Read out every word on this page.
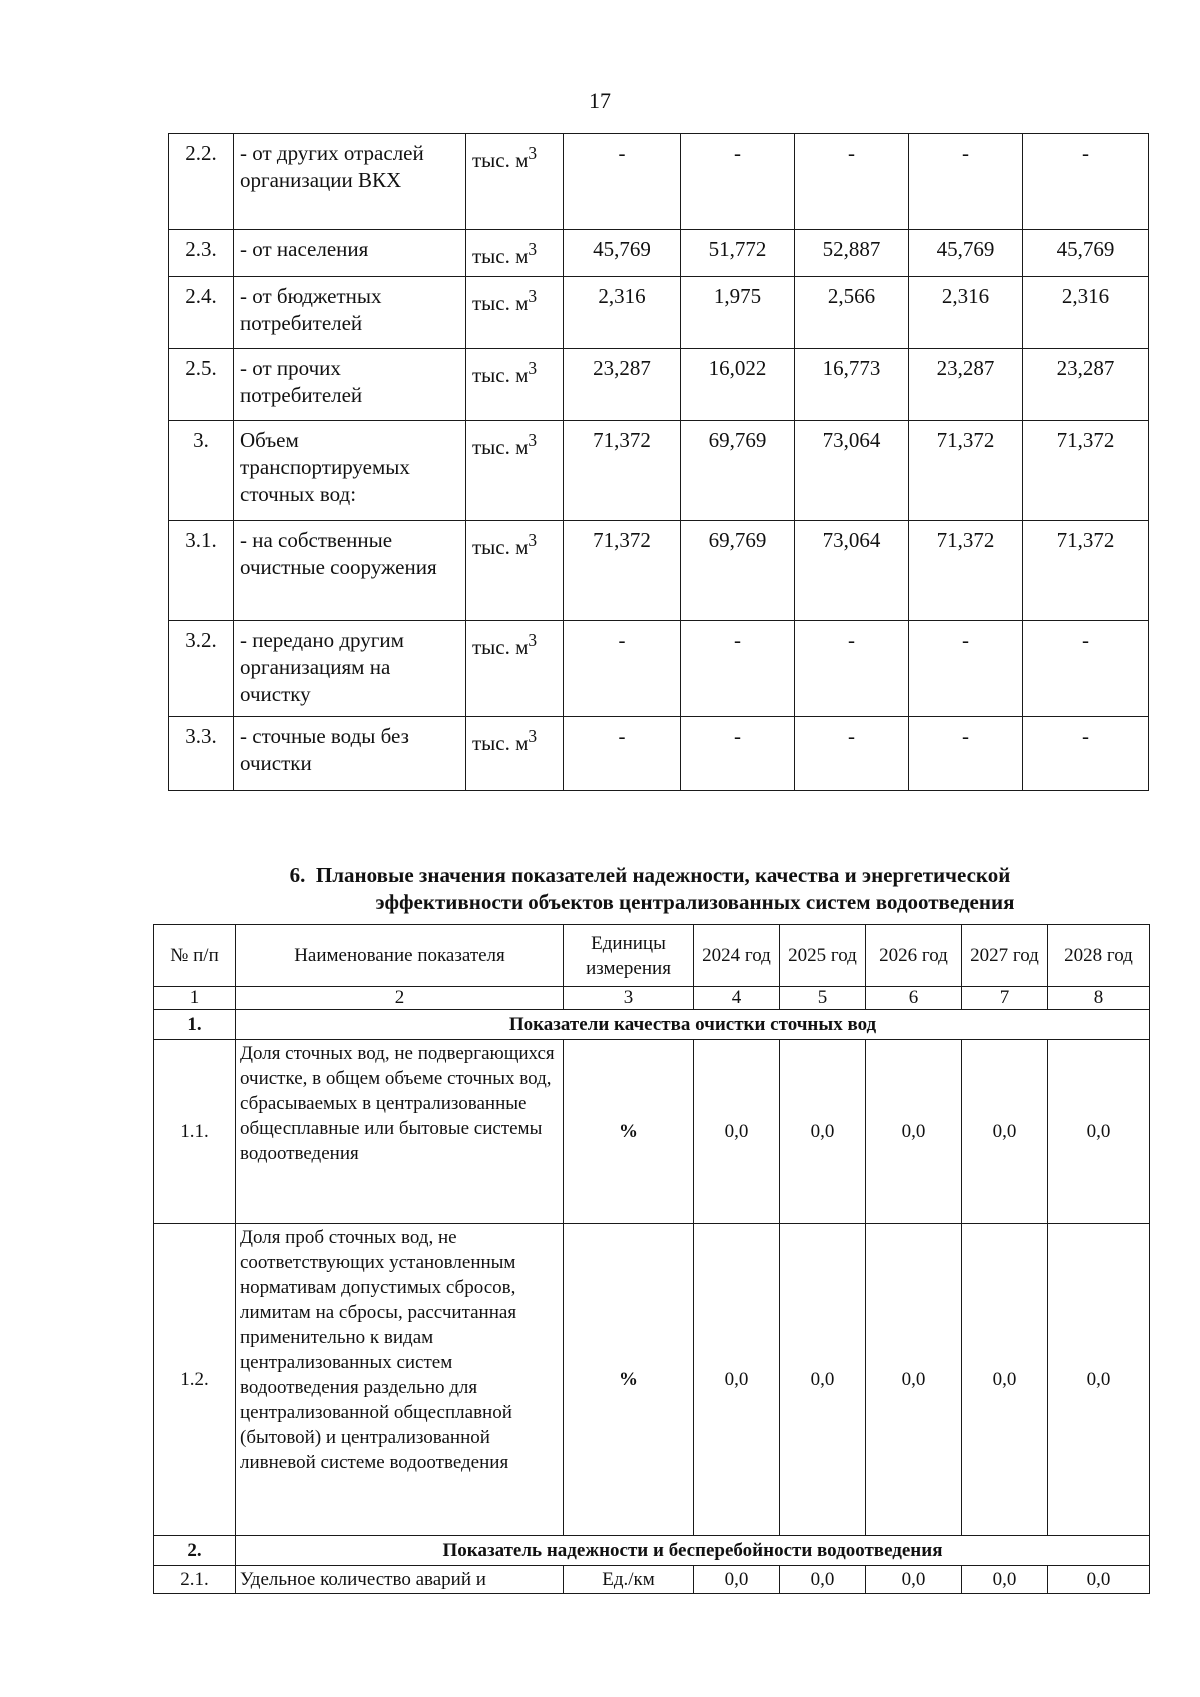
17
2.2.	- от других отраслей организации ВКХ	тыс. $м^3$	-	-	-	-	-
2.3.	- от населения	тыс. $м^3$	45,769	51,772	52,887	45,769	45,769
2.4.	- от бюджетных потребителей	тыс. $м^3$	2,316	1,975	2,566	2,316	2,316
2.5.	- от прочих потребителей	тыс. $м^3$	23,287	16,022	16,773	23,287	23,287
3.	Объем транспортируемых сточных вод:	тыс. $м^3$	71,372	69,769	73,064	71,372	71,372
3.1.	- на собственные очистные сооружения	тыс. $м^3$	71,372	69,769	73,064	71,372	71,372
3.2.	- передано другим организациям на очистку	тыс. $м^3$	-	-	-	-	-
3.3.	- сточные воды без очистки	тыс. $м^3$	-	-	-	-	-
6. Плановые значения показателей надежности, качества и энергетической
эффективности объектов централизованных систем водоотведения
№ п/п	Наименование показателя	Единицы измерения	2024 год	2025 год	2026 год	2027 год	2028 год
1	2	3	4	5	6	7	8
1.	Показатели качества очистки сточных вод						
1.1.	Доля сточных вод, не подвергающихся очистке, в общем объеме сточных вод, сбрасываемых в централизованные общесплавные или бытовые системы водоотведения	%	0,0	0,0	0,0	0,0	0,0
1.2.	Доля проб сточных вод, не соответствующих установленным нормативам допустимых сбросов, лимитам на сбросы, рассчитанная применительно к видам централизованных систем водоотведения раздельно для централизованной общесплавной (бытовой) и централизованной ливневой системе водоотведения	%	0,0	0,0	0,0	0,0	0,0
2.	Показатель надежности и бесперебойности водоотведения						
2.1.	Удельное количество аварий и	Ед./км	0,0	0,0	0,0	0,0	0,0
